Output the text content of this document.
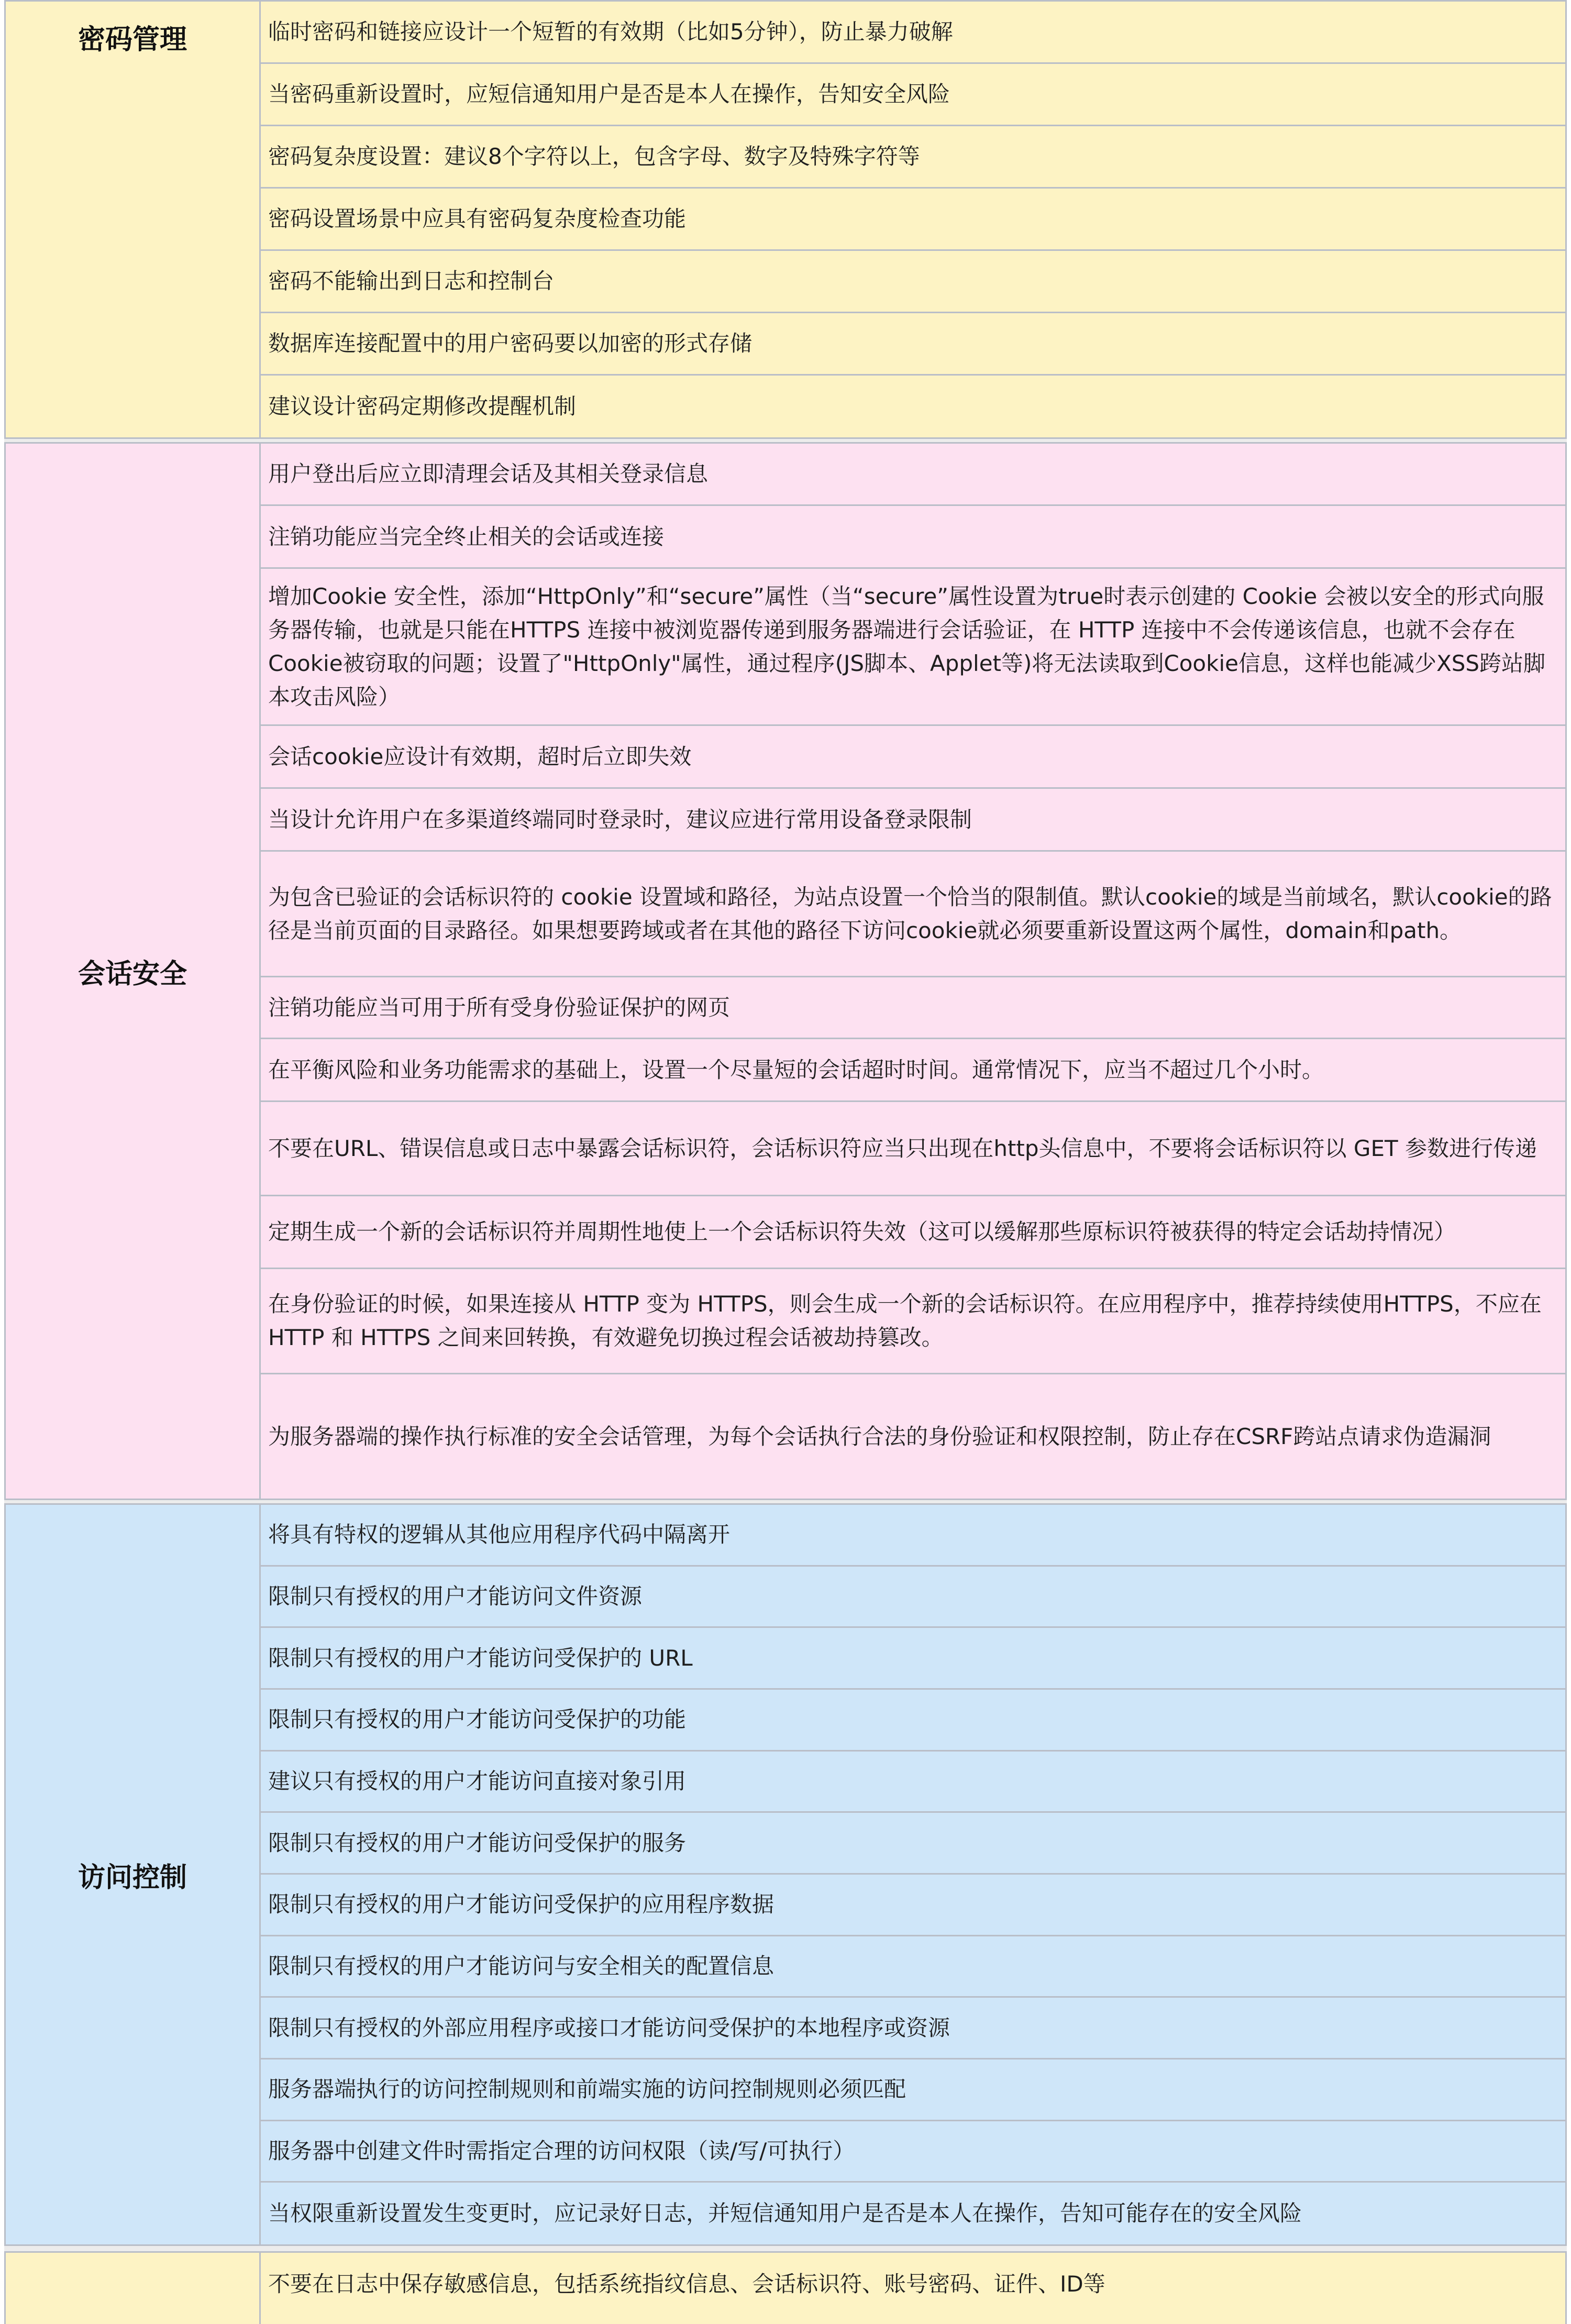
密码管理	临时密码和链接应设计一个短暂的有效期（比如5分钟），防止暴力破解
当密码重新设置时，应短信通知用户是否是本人在操作，告知安全风险
密码复杂度设置：建议8个字符以上，包含字母、数字及特殊字符等
密码设置场景中应具有密码复杂度检查功能
密码不能输出到日志和控制台
数据库连接配置中的用户密码要以加密的形式存储
建议设计密码定期修改提醒机制
会话安全
用户登出后应立即清理会话及其相关登录信息
注销功能应当完全终止相关的会话或连接
增加Cookie 安全性，添加“HttpOnly”和“secure”属性（当“secure”属性设置为true时表示创建的 Cookie 会被以安全的形式向服务器传输，也就是只能在HTTPS 连接中被浏览器传递到服务器端进行会话验证，在 HTTP 连接中不会传递该信息，也就不会存在Cookie被窃取的问题；设置了"HttpOnly"属性，通过程序(JS脚本、Applet等)将无法读取到Cookie信息，这样也能减少XSS跨站脚本攻击风险）
会话cookie应设计有效期，超时后立即失效
当设计允许用户在多渠道终端同时登录时，建议应进行常用设备登录限制
为包含已验证的会话标识符的 cookie 设置域和路径，为站点设置一个恰当的限制值。默认cookie的域是当前域名，默认cookie的路径是当前页面的目录路径。如果想要跨域或者在其他的路径下访问cookie就必须要重新设置这两个属性，domain和path。
注销功能应当可用于所有受身份验证保护的网页
在平衡风险和业务功能需求的基础上，设置一个尽量短的会话超时时间。通常情况下，应当不超过几个小时。
不要在URL、错误信息或日志中暴露会话标识符，会话标识符应当只出现在http头信息中，不要将会话标识符以 GET 参数进行传递
定期生成一个新的会话标识符并周期性地使上一个会话标识符失效（这可以缓解那些原标识符被获得的特定会话劫持情况）
在身份验证的时候，如果连接从 HTTP 变为 HTTPS，则会生成一个新的会话标识符。在应用程序中，推荐持续使用HTTPS，不应在 HTTP 和 HTTPS 之间来回转换，有效避免切换过程会话被劫持篡改。
为服务器端的操作执行标准的安全会话管理，为每个会话执行合法的身份验证和权限控制，防止存在CSRF跨站点请求伪造漏洞
访问控制
将具有特权的逻辑从其他应用程序代码中隔离开
限制只有授权的用户才能访问文件资源
限制只有授权的用户才能访问受保护的 URL
限制只有授权的用户才能访问受保护的功能
建议只有授权的用户才能访问直接对象引用
限制只有授权的用户才能访问受保护的服务
限制只有授权的用户才能访问受保护的应用程序数据
限制只有授权的用户才能访问与安全相关的配置信息
限制只有授权的外部应用程序或接口才能访问受保护的本地程序或资源
服务器端执行的访问控制规则和前端实施的访问控制规则必须匹配
服务器中创建文件时需指定合理的访问权限（读/写/可执行）
当权限重新设置发生变更时，应记录好日志，并短信通知用户是否是本人在操作，告知可能存在的安全风险
不要在日志中保存敏感信息，包括系统指纹信息、会话标识符、账号密码、证件、ID等
